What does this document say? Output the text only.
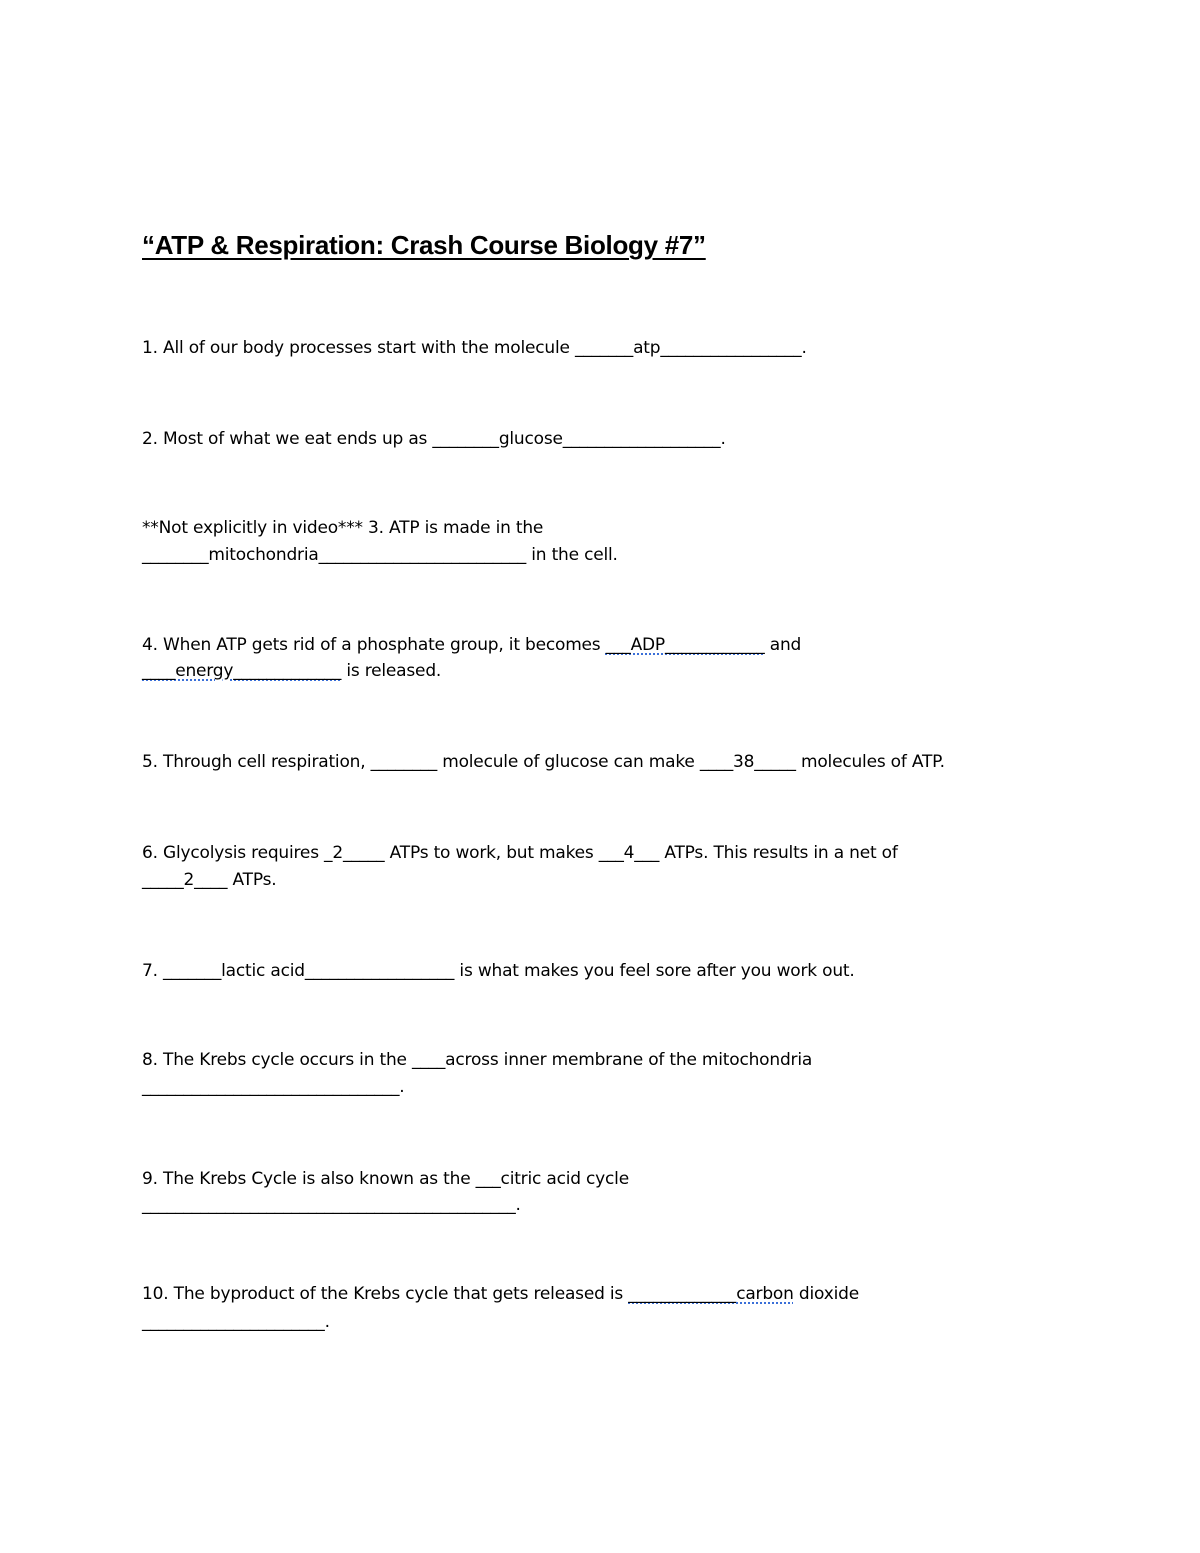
“ATP & Respiration: Crash Course Biology #7”
1. All of our body processes start with the molecule _______atp_________________.
2. Most of what we eat ends up as ________glucose___________________.
**Not explicitly in video*** 3. ATP is made in the
________mitochondria_________________________ in the cell.
4. When ATP gets rid of a phosphate group, it becomes ___ADP____________ and
____energy_____________ is released.
5. Through cell respiration, ________ molecule of glucose can make ____38_____ molecules of ATP.
6. Glycolysis requires _2_____ ATPs to work, but makes ___4___ ATPs. This results in a net of
_____2____ ATPs.
7. _______lactic acid__________________ is what makes you feel sore after you work out.
8. The Krebs cycle occurs in the ____across inner membrane of the mitochondria
_______________________________.
9. The Krebs Cycle is also known as the ___citric acid cycle
_____________________________________________.
10. The byproduct of the Krebs cycle that gets released is _____________carbon dioxide
______________________.
